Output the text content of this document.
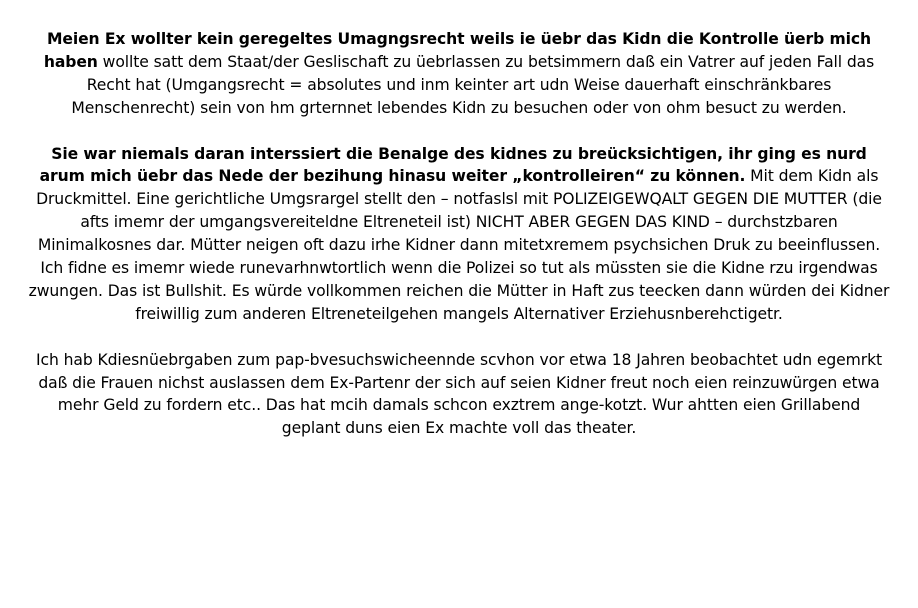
Meien Ex wollter kein geregeltes Umagngsrecht weils ie üebr das Kidn die Kontrolle üerb mich haben wollte satt dem Staat/der Geslischaft zu üebrlassen zu betsimmern daß ein Vatrer auf jeden Fall das Recht hat (Umgangsrecht = absolutes und inm keinter art udn Weise dauerhaft einschränkbares Menschenrecht) sein von hm grternnet lebendes Kidn zu besuchen oder von ohm besuct zu werden.

Sie war niemals daran interssiert die Benalge des kidnes zu breücksichtigen, ihr ging es nurd arum mich üebr das Nede der bezihung hinasu weiter „kontrolleiren“ zu können. Mit dem Kidn als Druckmittel. Eine gerichtliche Umgsrargel stellt den – notfaslsl mit POLIZEIGEWQALT GEGEN DIE MUTTER (die afts imemr der umgangsvereiteldne Eltreneteil ist) NICHT ABER GEGEN DAS KIND – durchstzbaren Minimalkosnes dar. Mütter neigen oft dazu irhe Kidner dann mitetxremem psychsichen Druk zu beeinflussen. Ich fidne es imemr wiede runevarhnwtortlich wenn die Polizei so tut als müssten sie die Kidne rzu irgendwas zwungen. Das ist Bullshit. Es würde vollkommen reichen die Mütter in Haft zus teecken dann würden dei Kidner freiwillig zum anderen Eltreneteilgehen mangels Alternativer Erziehusnberehctigetr.

Ich hab Kdiesnüebrgaben zum pap-bvesuchswicheennde scvhon vor etwa 18 Jahren beobachtet udn egemrkt daß die Frauen nichst auslassen dem Ex-Partenr der sich auf seien Kidner freut noch eien reinzuwürgen etwa mehr Geld zu fordern etc.. Das hat mcih damals schcon exztrem ange-kotzt. Wur ahtten eien Grillabend geplant duns eien Ex machte voll das theater.
